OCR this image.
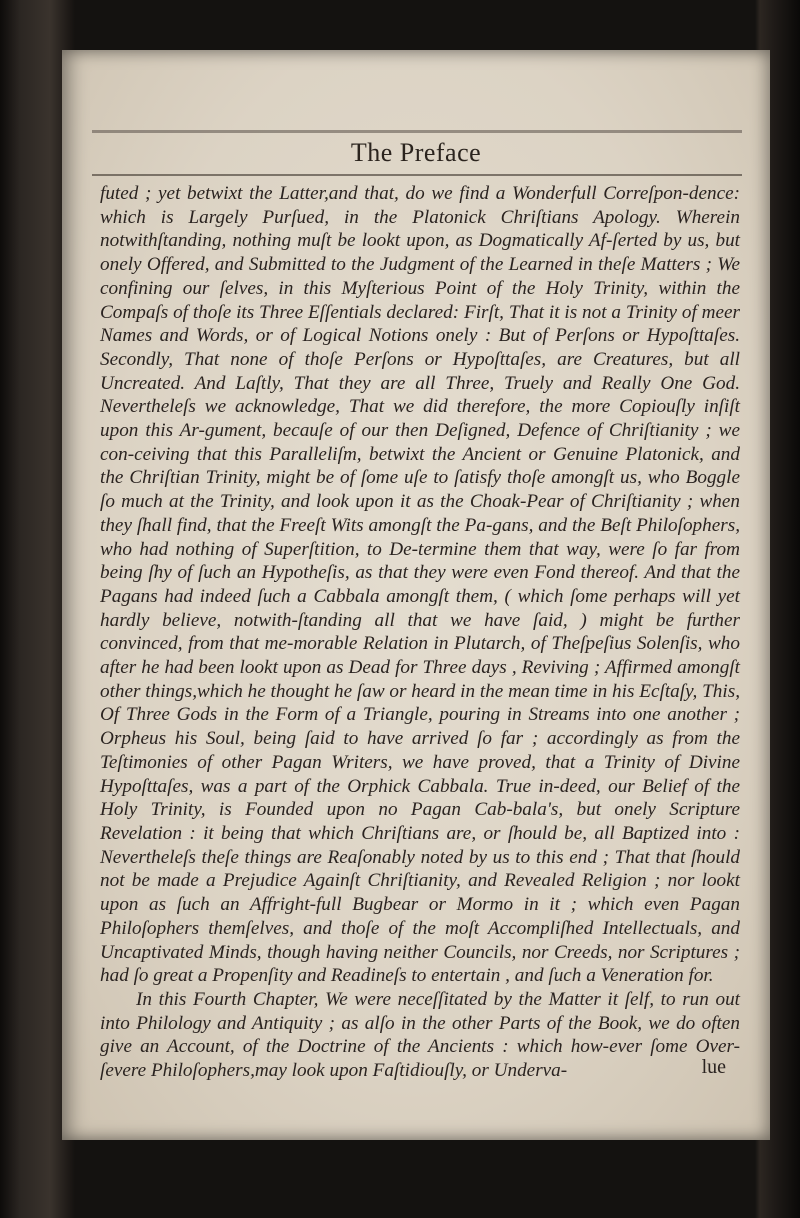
The Preface

futed ; yet betwixt the Latter,and that, do we find a Wonderfull Correſpon-dence: which is Largely Purſued, in the Platonick Chriſtians Apology. Wherein notwithſtanding, nothing muſt be lookt upon, as Dogmatically Af-ſerted by us, but onely Offered, and Submitted to the Judgment of the Learned in theſe Matters ; We confining our ſelves, in this Myſterious Point of the Holy Trinity, within the Compaſs of thoſe its Three Eſſentials declared: Firſt, That it is not a Trinity of meer Names and Words, or of Logical Notions onely : But of Perſons or Hypoſttaſes. Secondly, That none of thoſe Perſons or Hypoſttaſes, are Creatures, but all Uncreated. And Laſtly, That they are all Three, Truely and Really One God. Nevertheleſs we acknowledge, That we did therefore, the more Copiouſly inſiſt upon this Ar-gument, becauſe of our then Deſigned, Defence of Chriſtianity ; we con-ceiving that this Paralleliſm, betwixt the Ancient or Genuine Platonick, and the Chriſtian Trinity, might be of ſome uſe to ſatisfy thoſe amongſt us, who Boggle ſo much at the Trinity, and look upon it as the Choak-Pear of Chriſtianity ; when they ſhall find, that the Freeſt Wits amongſt the Pa-gans, and the Beſt Philoſophers, who had nothing of Superſtition, to De-termine them that way, were ſo far from being ſhy of ſuch an Hypotheſis, as that they were even Fond thereof. And that the Pagans had indeed ſuch a Cabbala amongſt them, ( which ſome perhaps will yet hardly believe, notwith-ſtanding all that we have ſaid, ) might be further convinced, from that me-morable Relation in Plutarch, of Theſpeſius Solenſis, who after he had been lookt upon as Dead for Three days , Reviving ; Affirmed amongſt other things,which he thought he ſaw or heard in the mean time in his Ecſtaſy, This, Of Three Gods in the Form of a Triangle, pouring in Streams into one another ; Orpheus his Soul, being ſaid to have arrived ſo far ; accordingly as from the Teſtimonies of other Pagan Writers, we have proved, that a Trinity of Divine Hypoſttaſes, was a part of the Orphick Cabbala. True in-deed, our Belief of the Holy Trinity, is Founded upon no Pagan Cab-bala's, but onely Scripture Revelation : it being that which Chriſtians are, or ſhould be, all Baptized into : Nevertheleſs theſe things are Reaſonably noted by us to this end ; That that ſhould not be made a Prejudice Againſt Chriſtianity, and Revealed Religion ; nor lookt upon as ſuch an Affright-full Bugbear or Mormo in it ; which even Pagan Philoſophers themſelves, and thoſe of the moſt Accompliſhed Intellectuals, and Uncaptivated Minds, though having neither Councils, nor Creeds, nor Scriptures ; had ſo great a Propenſity and Readineſs to entertain , and ſuch a Veneration for.

In this Fourth Chapter, We were neceſſitated by the Matter it ſelf, to run out into Philology and Antiquity ; as alſo in the other Parts of the Book, we do often give an Account, of the Doctrine of the Ancients : which how-ever ſome Over-ſevere Philoſophers,may look upon Faſtidiouſly, or Underva-	lue
